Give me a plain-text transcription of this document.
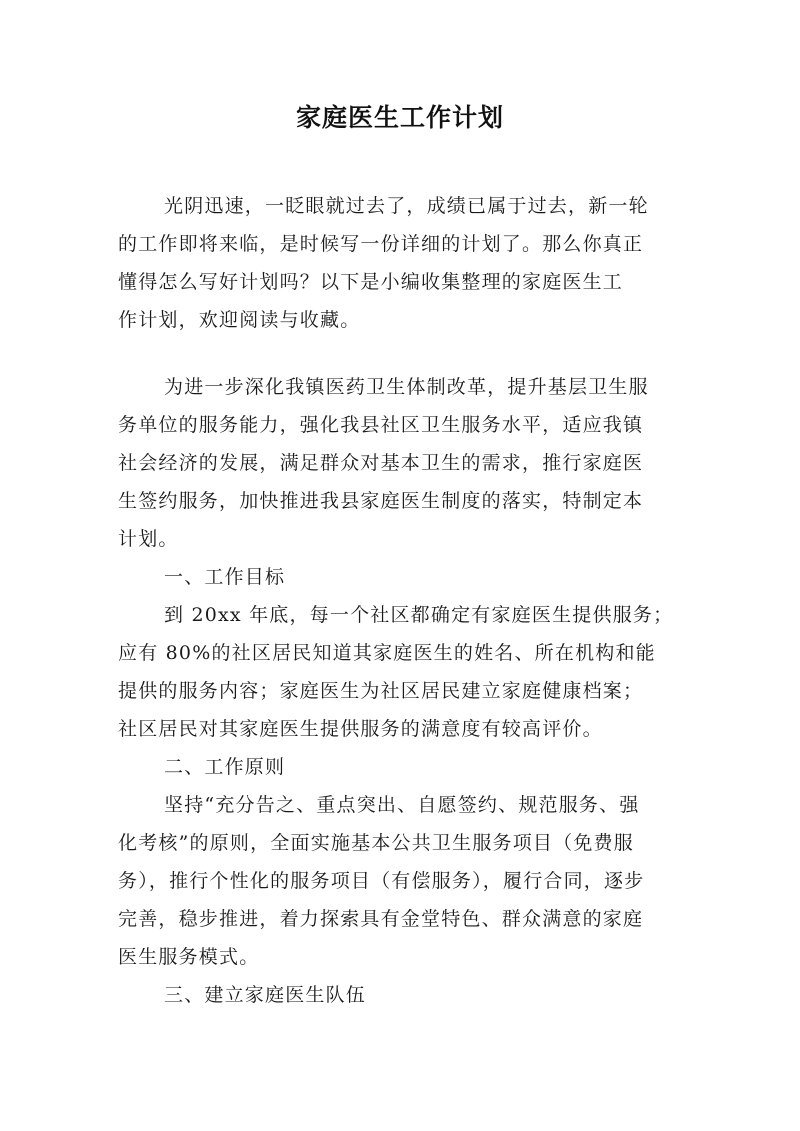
家庭医生工作计划
光阴迅速，一眨眼就过去了，成绩已属于过去，新一轮
的工作即将来临，是时候写一份详细的计划了。那么你真正
懂得怎么写好计划吗？以下是小编收集整理的家庭医生工
作计划，欢迎阅读与收藏。
为进一步深化我镇医药卫生体制改革，提升基层卫生服
务单位的服务能力，强化我县社区卫生服务水平，适应我镇
社会经济的发展，满足群众对基本卫生的需求，推行家庭医
生签约服务，加快推进我县家庭医生制度的落实，特制定本
计划。
一、工作目标
到 20xx 年底，每一个社区都确定有家庭医生提供服务；
应有 80%的社区居民知道其家庭医生的姓名、所在机构和能
提供的服务内容；家庭医生为社区居民建立家庭健康档案；
社区居民对其家庭医生提供服务的满意度有较高评价。
二、工作原则
坚持“充分告之、重点突出、自愿签约、规范服务、强
化考核”的原则，全面实施基本公共卫生服务项目（免费服
务），推行个性化的服务项目（有偿服务），履行合同，逐步
完善，稳步推进，着力探索具有金堂特色、群众满意的家庭
医生服务模式。
三、建立家庭医生队伍
